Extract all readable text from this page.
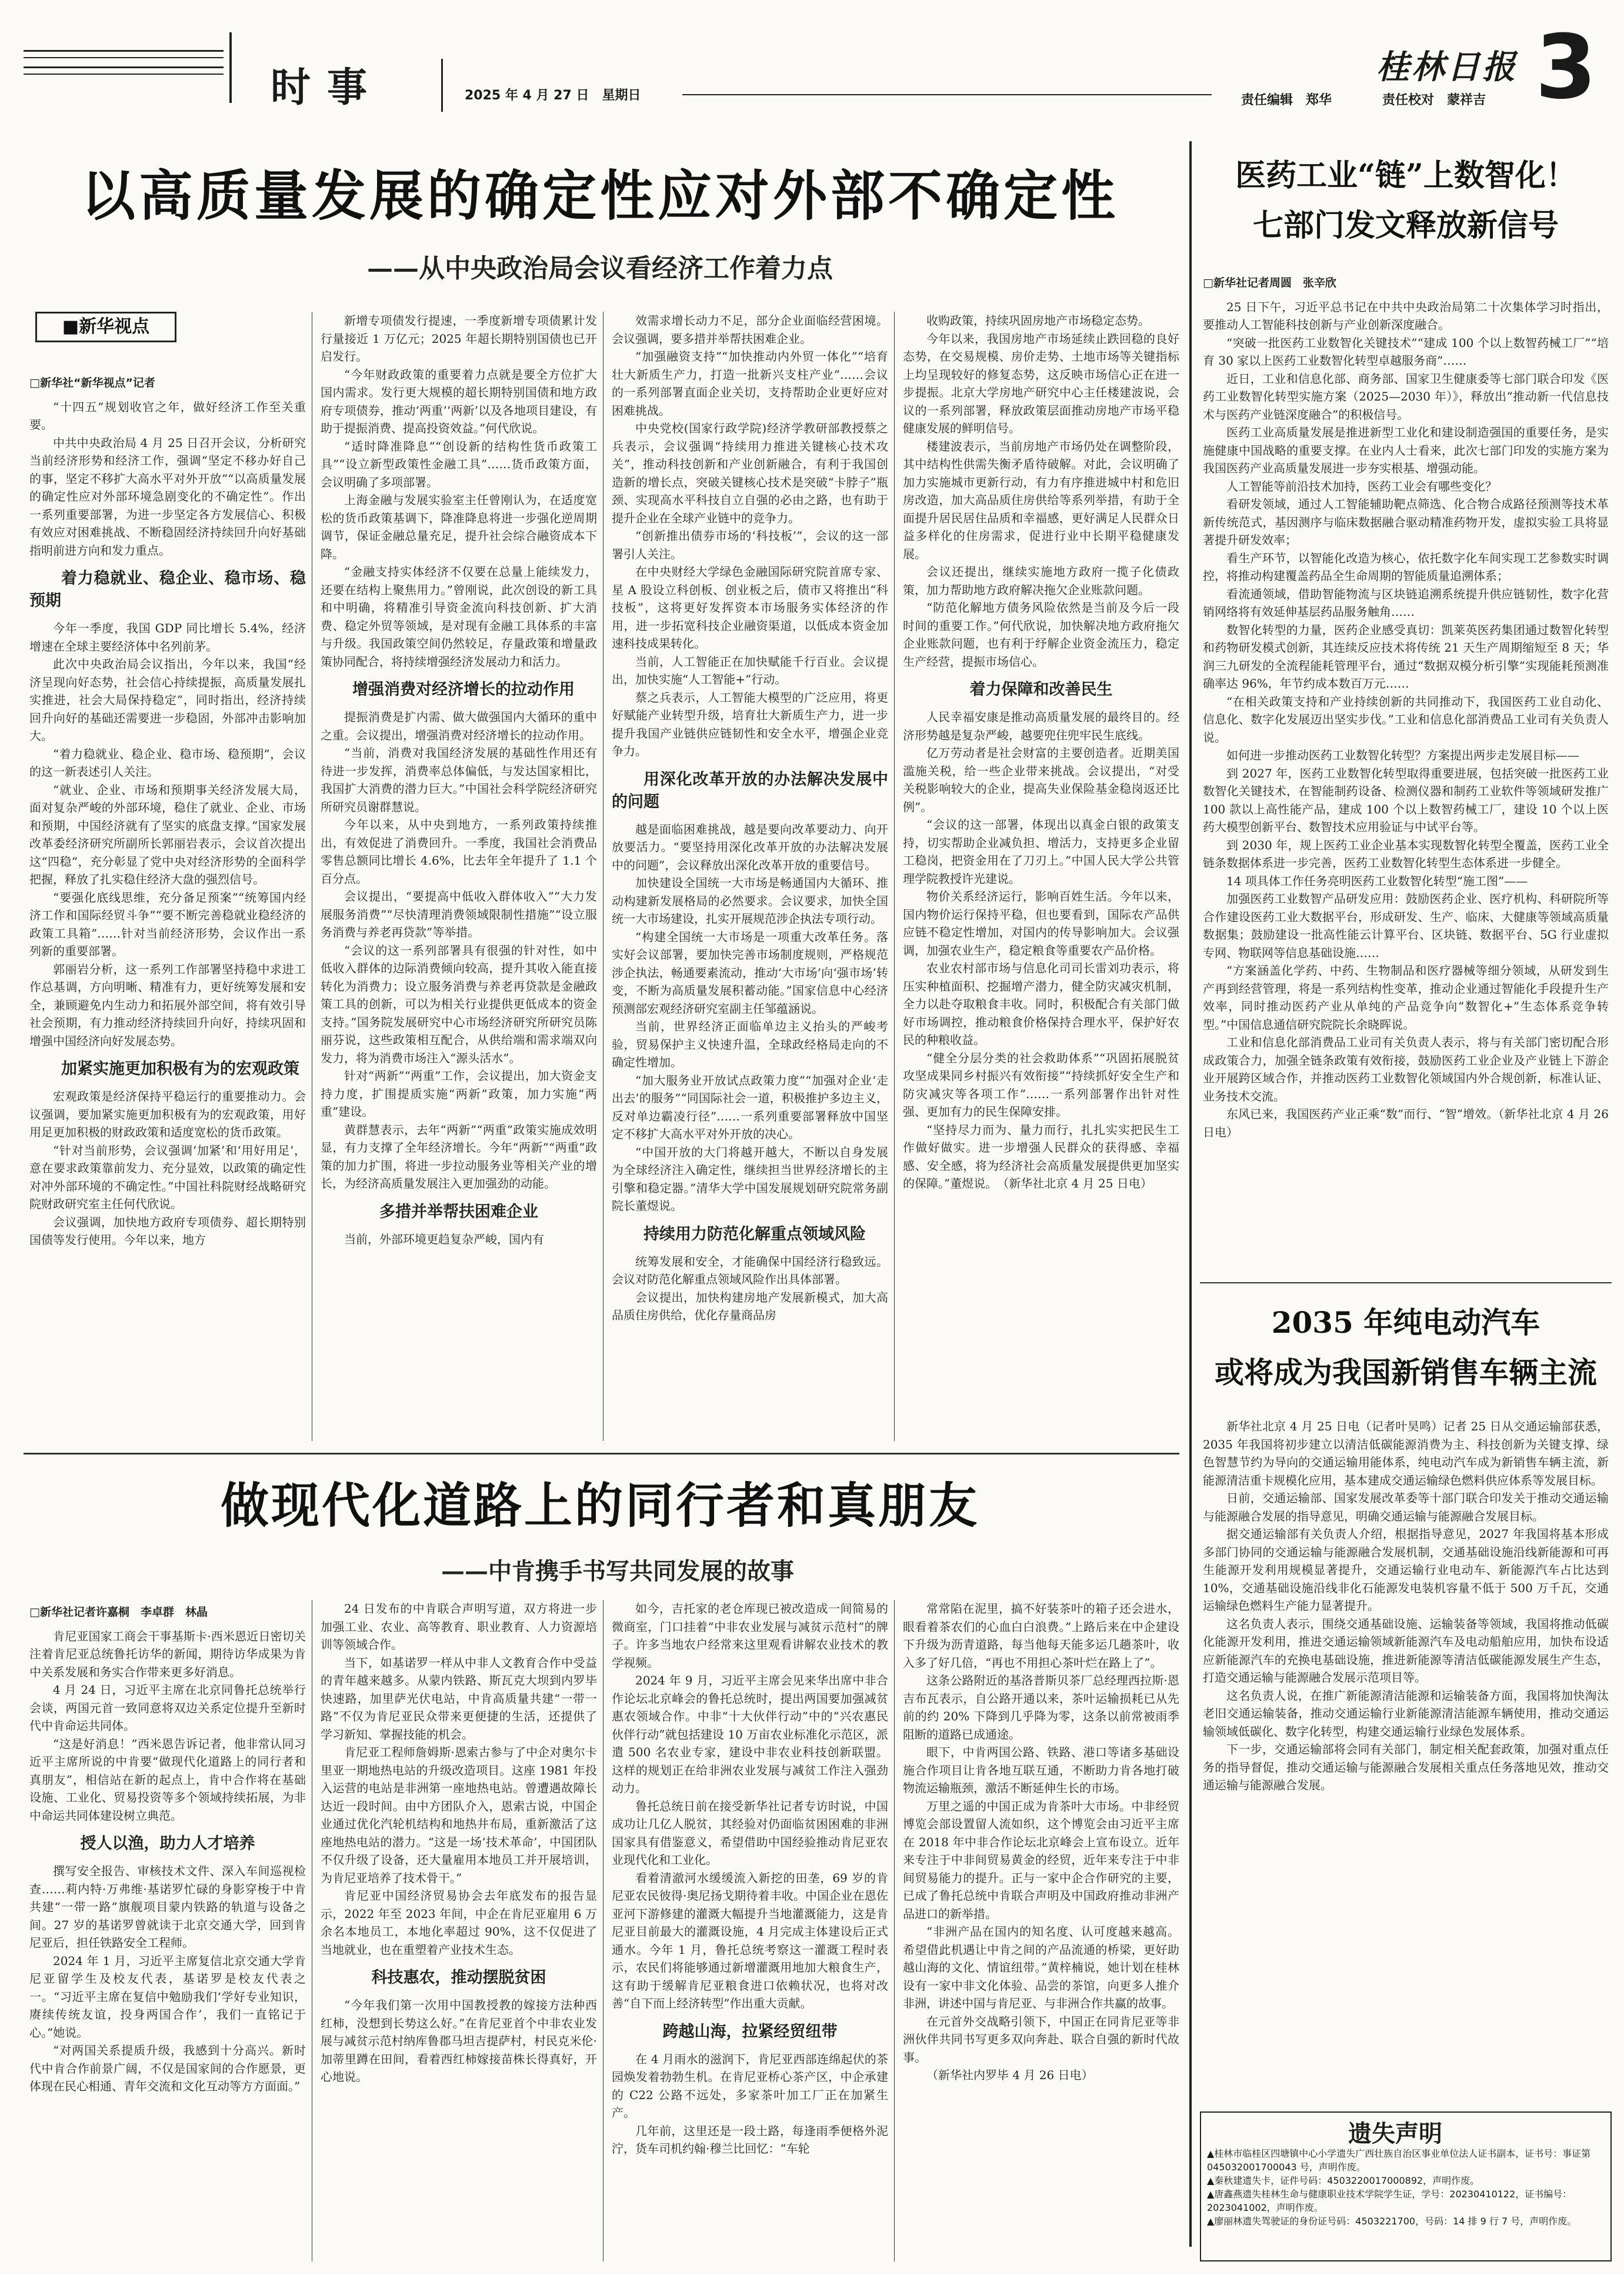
时事	2025 年 4 月 27 日　星期日
桂林日报 3
责任编辑　郑华	责任校对　蒙祥吉
以高质量发展的确定性应对外部不确定性
——从中央政治局会议看经济工作着力点
■新华视点
□新华社“新华视点”记者

“十四五”规划收官之年，做好经济工作至关重要。

中共中央政治局 4 月 25 日召开会议，分析研究当前经济形势和经济工作，强调“坚定不移办好自己的事，坚定不移扩大高水平对外开放”“以高质量发展的确定性应对外部环境急剧变化的不确定性”。作出一系列重要部署，为进一步坚定各方发展信心、积极有效应对困难挑战、不断稳固经济持续回升向好基础指明前进方向和发力重点。

着力稳就业、稳企业、稳市场、稳预期

今年一季度，我国 GDP 同比增长 5.4%，经济增速在全球主要经济体中名列前茅。

此次中央政治局会议指出，今年以来，我国“经济呈现向好态势，社会信心持续提振，高质量发展扎实推进，社会大局保持稳定”，同时指出，经济持续回升向好的基础还需要进一步稳固，外部冲击影响加大。

“着力稳就业、稳企业、稳市场、稳预期”，会议的这一新表述引人关注。

“就业、企业、市场和预期事关经济发展大局，面对复杂严峻的外部环境，稳住了就业、企业、市场和预期，中国经济就有了坚实的底盘支撑。”国家发展改革委经济研究所副所长郭丽岩表示，会议首次提出这“四稳”，充分彰显了党中央对经济形势的全面科学把握，释放了扎实稳住经济大盘的强烈信号。

“要强化底线思维，充分备足预案”“统筹国内经济工作和国际经贸斗争”“要不断完善稳就业稳经济的政策工具箱”……针对当前经济形势，会议作出一系列新的重要部署。

郭丽岩分析，这一系列工作部署坚持稳中求进工作总基调，方向明晰、精准有力，更好统筹发展和安全，兼顾避免内生动力和拓展外部空间，将有效引导社会预期，有力推动经济持续回升向好，持续巩固和增强中国经济向好发展态势。

加紧实施更加积极有为的宏观政策

宏观政策是经济保持平稳运行的重要推动力。会议强调，要加紧实施更加积极有为的宏观政策，用好用足更加积极的财政政策和适度宽松的货币政策。

“针对当前形势，会议强调‘加紧’和‘用好用足’，意在要求政策靠前发力、充分显效，以政策的确定性对冲外部环境的不确定性。”中国社科院财经战略研究院财政研究室主任何代欣说。

会议强调，加快地方政府专项债券、超长期特别国债等发行使用。今年以来，地方

新增专项债发行提速，一季度新增专项债累计发行量接近 1 万亿元；2025 年超长期特别国债也已开启发行。

“今年财政政策的重要着力点就是要全方位扩大国内需求。发行更大规模的超长期特别国债和地方政府专项债券，推动‘两重’‘两新’以及各地项目建设，有助于提振消费、提高投资效益。”何代欣说。

“适时降准降息”“创设新的结构性货币政策工具”“设立新型政策性金融工具”……货币政策方面，会议明确了多项部署。

上海金融与发展实验室主任曾刚认为，在适度宽松的货币政策基调下，降准降息将进一步强化逆周期调节，保证金融总量充足，提升社会综合融资成本下降。

“金融支持实体经济不仅要在总量上能续发力，还要在结构上聚焦用力。”曾刚说，此次创设的新工具和中明确，将精准引导资金流向科技创新、扩大消费、稳定外贸等领域，是对现有金融工具体系的丰富与升级。我国政策空间仍然较足，存量政策和增量政策协同配合，将持续增强经济发展动力和活力。

增强消费对经济增长的拉动作用

提振消费是扩内需、做大做强国内大循环的重中之重。会议提出，增强消费对经济增长的拉动作用。

“当前，消费对我国经济发展的基础性作用还有待进一步发挥，消费率总体偏低，与发达国家相比，我国扩大消费的潜力巨大。”中国社会科学院经济研究所研究员谢群慧说。

今年以来，从中央到地方，一系列政策持续推出，有效促进了消费回升。一季度，我国社会消费品零售总额同比增长 4.6%，比去年全年提升了 1.1 个百分点。

会议提出，“要提高中低收入群体收入”“大力发展服务消费”“尽快清理消费领域限制性措施”“设立服务消费与养老再贷款”等举措。

“会议的这一系列部署具有很强的针对性，如中低收入群体的边际消费倾向较高，提升其收入能直接转化为消费力；设立服务消费与养老再贷款是金融政策工具的创新，可以为相关行业提供更低成本的资金支持。”国务院发展研究中心市场经济研究所研究员陈丽芬说，这些政策相互配合，从供给端和需求端双向发力，将为消费市场注入“源头活水”。

针对“两新”“两重”工作，会议提出，加大资金支持力度，扩围提质实施“两新”政策，加力实施“两重”建设。

黄群慧表示，去年“两新”“两重”政策实施成效明显，有力支撑了全年经济增长。今年“两新”“两重”政策的加力扩围，将进一步拉动服务业等相关产业的增长，为经济高质量发展注入更加强劲的动能。

多措并举帮扶困难企业

当前，外部环境更趋复杂严峻，国内有

效需求增长动力不足，部分企业面临经营困境。会议强调，要多措并举帮扶困难企业。

“加强融资支持”“加快推动内外贸一体化”“培育壮大新质生产力，打造一批新兴支柱产业”……会议的一系列部署直面企业关切，支持帮助企业更好应对困难挑战。

中央党校(国家行政学院)经济学教研部教授蔡之兵表示，会议强调“持续用力推进关键核心技术攻关”，推动科技创新和产业创新融合，有利于我国创造新的增长点，突破关键核心技术是突破“卡脖子”瓶颈、实现高水平科技自立自强的必由之路，也有助于提升企业在全球产业链中的竞争力。

“创新推出债券市场的‘科技板’”，会议的这一部署引人关注。

在中央财经大学绿色金融国际研究院首席专家、星 A 股设立科创板、创业板之后，债市又将推出“科技板”，这将更好发挥资本市场服务实体经济的作用，进一步拓宽科技企业融资渠道，以低成本资金加速科技成果转化。

当前，人工智能正在加快赋能千行百业。会议提出，加快实施“人工智能+”行动。

蔡之兵表示，人工智能大模型的广泛应用，将更好赋能产业转型升级，培育壮大新质生产力，进一步提升我国产业链供应链韧性和安全水平，增强企业竞争力。

用深化改革开放的办法解决发展中的问题

越是面临困难挑战，越是要向改革要动力、向开放要活力。“要坚持用深化改革开放的办法解决发展中的问题”，会议释放出深化改革开放的重要信号。

加快建设全国统一大市场是畅通国内大循环、推动构建新发展格局的必然要求。会议要求，加快全国统一大市场建设，扎实开展规范涉企执法专项行动。

“构建全国统一大市场是一项重大改革任务。落实好会议部署，要加快完善市场制度规则，严格规范涉企执法，畅通要素流动，推动‘大市场’向‘强市场’转变，不断为高质量发展积蓄动能。”国家信息中心经济预测部宏观经济研究室副主任邹蕴涵说。

当前，世界经济正面临单边主义抬头的严峻考验，贸易保护主义快速升温，全球政经格局走向的不确定性增加。

“加大服务业开放试点政策力度”“加强对企业‘走出去’的服务”“同国际社会一道，积极推护多边主义，反对单边霸凌行径”……一系列重要部署释放中国坚定不移扩大高水平对外开放的决心。

“中国开放的大门将越开越大，不断以自身发展为全球经济注入确定性，继续担当世界经济增长的主引擎和稳定器。”清华大学中国发展规划研究院常务副院长董煜说。

持续用力防范化解重点领域风险

统筹发展和安全，才能确保中国经济行稳致远。会议对防范化解重点领域风险作出具体部署。

会议提出，加快构建房地产发展新模式，加大高品质住房供给，优化存量商品房

收购政策，持续巩固房地产市场稳定态势。

今年以来，我国房地产市场延续止跌回稳的良好态势，在交易规模、房价走势、土地市场等关键指标上均呈现较好的修复态势，这反映市场信心正在进一步提振。北京大学房地产研究中心主任楼建波说，会议的一系列部署，释放政策层面推动房地产市场平稳健康发展的鲜明信号。

楼建波表示，当前房地产市场仍处在调整阶段，其中结构性供需失衡矛盾待破解。对此，会议明确了加力实施城市更新行动，有力有序推进城中村和危旧房改造，加大高品质住房供给等系列举措，有助于全面提升居民居住品质和幸福感，更好满足人民群众日益多样化的住房需求，促进行业中长期平稳健康发展。

会议还提出，继续实施地方政府一揽子化债政策，加力帮助地方政府解决拖欠企业账款问题。

“防范化解地方债务风险依然是当前及今后一段时间的重要工作。”何代欣说，加快解决地方政府拖欠企业账款问题，也有利于纾解企业资金流压力，稳定生产经营，提振市场信心。

着力保障和改善民生

人民幸福安康是推动高质量发展的最终目的。经济形势越是复杂严峻，越要兜住兜牢民生底线。

亿万劳动者是社会财富的主要创造者。近期美国滥施关税，给一些企业带来挑战。会议提出，“对受关税影响较大的企业，提高失业保险基金稳岗返还比例”。

“会议的这一部署，体现出以真金白银的政策支持，切实帮助企业减负担、增活力，支持更多企业留工稳岗，把资金用在了刀刃上。”中国人民大学公共管理学院教授许光建说。

物价关系经济运行，影响百姓生活。今年以来，国内物价运行保持平稳，但也要看到，国际农产品供应链不稳定性增加，对国内的传导影响加大。会议强调，加强农业生产，稳定粮食等重要农产品价格。

农业农村部市场与信息化司司长雷刘功表示，将压实种植面积、挖掘增产潜力，健全防灾减灾机制，全力以赴夺取粮食丰收。同时，积极配合有关部门做好市场调控，推动粮食价格保持合理水平，保护好农民的种粮收益。

“健全分层分类的社会救助体系”“巩固拓展脱贫攻坚成果同乡村振兴有效衔接”“持续抓好安全生产和防灾减灾等各项工作”……一系列部署作出针对性强、更加有力的民生保障安排。

“坚持尽力而为、量力而行，扎扎实实把民生工作做好做实。进一步增强人民群众的获得感、幸福感、安全感，将为经济社会高质量发展提供更加坚实的保障。”董煜说。　（新华社北京 4 月 25 日电）

医药工业“链”上数智化！
七部门发文释放新信号
□新华社记者周圆　张辛欣

25 日下午，习近平总书记在中共中央政治局第二十次集体学习时指出，要推动人工智能科技创新与产业创新深度融合。

“突破一批医药工业数智化关键技术”“建成 100 个以上数智药械工厂”“培育 30 家以上医药工业数智化转型卓越服务商”……

近日，工业和信息化部、商务部、国家卫生健康委等七部门联合印发《医药工业数智化转型实施方案（2025—2030 年）》，释放出“推动新一代信息技术与医药产业链深度融合”的积极信号。

医药工业高质量发展是推进新型工业化和建设制造强国的重要任务，是实施健康中国战略的重要支撑。在业内人士看来，此次七部门印发的实施方案为我国医药产业高质量发展进一步夯实根基、增强动能。

人工智能等前沿技术加持，医药工业会有哪些变化？

看研发领域，通过人工智能辅助靶点筛选、化合物合成路径预测等技术革新传统范式，基因测序与临床数据融合驱动精准药物开发，虚拟实验工具将显著提升研发效率；

看生产环节，以智能化改造为核心，依托数字化车间实现工艺参数实时调控，将推动构建覆盖药品全生命周期的智能质量追溯体系；

看流通领域，借助智能物流与区块链追溯系统提升供应链韧性，数字化营销网络将有效延伸基层药品服务触角……

数智化转型的力量，医药企业感受真切：凯莱英医药集团通过数智化转型和药物研发模式创新，其连续反应技术将传统 21 天生产周期缩短至 8 天；华润三九研发的全流程能耗管理平台，通过“数据双模分析引擎”实现能耗预测准确率达 96%，年节约成本数百万元……

“在相关政策支持和产业持续创新的共同推动下，我国医药工业自动化、信息化、数字化发展迈出坚实步伐。”工业和信息化部消费品工业司有关负责人说。

如何进一步推动医药工业数智化转型？方案提出两步走发展目标——

到 2027 年，医药工业数智化转型取得重要进展，包括突破一批医药工业数智化关键技术，在智能制药设备、检测仪器和制药工业软件等领域研发推广 100 款以上高性能产品，建成 100 个以上数智药械工厂，建设 10 个以上医药大模型创新平台、数智技术应用验证与中试平台等。

到 2030 年，规上医药工业企业基本实现数智化转型全覆盖，医药工业全链条数据体系进一步完善，医药工业数智化转型生态体系进一步健全。

14 项具体工作任务亮明医药工业数智化转型“施工图”——

加强医药工业数智产品研发应用：鼓励医药企业、医疗机构、科研院所等合作建设医药工业大数据平台，形成研发、生产、临床、大健康等领域高质量数据集；鼓励建设一批高性能云计算平台、区块链、数据平台、5G 行业虚拟专网、物联网等信息基础设施……

“方案涵盖化学药、中药、生物制品和医疗器械等细分领域，从研发到生产再到经营管理，将是一系列结构性变革，推动企业通过智能化手段提升生产效率，同时推动医药产业从单纯的产品竞争向“数智化+”生态体系竞争转型。”中国信息通信研究院院长余晓晖说。

工业和信息化部消费品工业司有关负责人表示，将与有关部门密切配合形成政策合力，加强全链条政策有效衔接，鼓励医药工业企业及产业链上下游企业开展跨区域合作，并推动医药工业数智化领域国内外合规创新，标准认证、业务技术交流。

东风已来，我国医药产业正乘“数”而行、“智”增效。（新华社北京 4 月 26 日电）

2035 年纯电动汽车
或将成为我国新销售车辆主流

新华社北京 4 月 25 日电（记者叶昊鸣）记者 25 日从交通运输部获悉，2035 年我国将初步建立以清洁低碳能源消费为主、科技创新为关键支撑、绿色智慧节约为导向的交通运输用能体系，纯电动汽车成为新销售车辆主流，新能源清洁重卡规模化应用，基本建成交通运输绿色燃料供应体系等发展目标。

日前，交通运输部、国家发展改革委等十部门联合印发关于推动交通运输与能源融合发展的指导意见，明确交通运输与能源融合发展目标。

据交通运输部有关负责人介绍，根据指导意见，2027 年我国将基本形成多部门协同的交通运输与能源融合发展机制，交通基础设施沿线新能源和可再生能源开发利用规模显著提升，交通运输行业电动车、新能源汽车占比达到 10%，交通基础设施沿线非化石能源发电装机容量不低于 500 万千瓦，交通运输绿色燃料生产能力显著提升。

这名负责人表示，围绕交通基础设施、运输装备等领域，我国将推动低碳化能源开发利用，推进交通运输领域新能源汽车及电动船舶应用，加快布设适应新能源汽车的充换电基础设施，推进新能源等清洁低碳能源发展生产生态，打造交通运输与能源融合发展示范项目等。

这名负责人说，在推广新能源清洁能源和运输装备方面，我国将加快淘汰老旧交通运输装备，推动交通运输行业新能源清洁能源车辆使用，推动交通运输领域低碳化、数字化转型，构建交通运输行业绿色发展体系。

下一步，交通运输部将会同有关部门，制定相关配套政策，加强对重点任务的指导督促，推动交通运输与能源融合发展相关重点任务落地见效，推动交通运输与能源融合发展。

遗失声明
▲桂林市临桂区四塘镇中心小学遗失广西壮族自治区事业单位法人证书副本，证书号：事证第 045032001700043 号，声明作废。
▲秦秋建遗失卡，证件号码：4503220017000892，声明作废。
▲唐鑫燕遗失桂林生命与健康职业技术学院学生证，学号：20230410122，证书编号：2023041002，声明作废。
▲廖丽林遗失驾驶证的身份证号码：4503221700，号码：14 排 9 行 7 号，声明作废。
做现代化道路上的同行者和真朋友
——中肯携手书写共同发展的故事
□新华社记者许嘉桐　李卓群　林晶

肯尼亚国家工商会干事基斯卡·西米恩近日密切关注着肯尼亚总统鲁托访华的新闻，期待访华成果为肯中关系发展和务实合作带来更多好消息。

4 月 24 日，习近平主席在北京同鲁托总统举行会谈，两国元首一致同意将双边关系定位提升至新时代中肯命运共同体。

“这是好消息！”西米恩告诉记者，他非常认同习近平主席所说的中肯要“做现代化道路上的同行者和真朋友”，相信站在新的起点上，肯中合作将在基础设施、工业化、贸易投资等多个领域持续拓展，为非中命运共同体建设树立典范。

授人以渔，助力人才培养

撰写安全报告、审核技术文件、深入车间巡视检查……莉内特·万弗维·基诺罗忙碌的身影穿梭于中肯共建“一带一路”旗舰项目蒙内铁路的轨道与设备之间。27 岁的基诺罗曾就读于北京交通大学，回到肯尼亚后，担任铁路安全工程师。

2024 年 1 月，习近平主席复信北京交通大学肯尼亚留学生及校友代表，基诺罗是校友代表之一。“习近平主席在复信中勉励我们‘学好专业知识，赓续传统友谊，投身两国合作’，我们一直铭记于心。”她说。

“对两国关系提质升级，我感到十分高兴。新时代中肯合作前景广阔，不仅是国家间的合作愿景，更体现在民心相通、青年交流和文化互动等方方面面。”

24 日发布的中肯联合声明写道，双方将进一步加强工业、农业、高等教育、职业教育、人力资源培训等领域合作。

当下，如基诺罗一样从中非人文教育合作中受益的青年越来越多。从蒙内铁路、斯瓦克大坝到内罗毕快速路，加里萨光伏电站，中肯高质量共建“一带一路”不仅为肯尼亚民众带来更便捷的生活，还提供了学习新知、掌握技能的机会。

肯尼亚工程师詹姆斯·恩索古参与了中企对奥尔卡里亚一期地热电站的升级改造项目。这座 1981 年投入运营的电站是非洲第一座地热电站。曾遭遇故障长达近一段时间。由中方团队介入，恩索古说，中国企业通过优化汽轮机结构和地热井布局，重新激活了这座地热电站的潜力。“这是一场‘技术革命’，中国团队不仅升级了设备，还大量雇用本地员工并开展培训，为肯尼亚培养了技术骨干。”

肯尼亚中国经济贸易协会去年底发布的报告显示，2022 年至 2023 年间，中企在肯尼亚雇用 6 万余名本地员工，本地化率超过 90%，这不仅促进了当地就业，也在重塑着产业技术生态。

科技惠农，推动摆脱贫困

“今年我们第一次用中国教授教的嫁接方法种西红柿，没想到长势这么好。”在肯尼亚首个中非农业发展与减贫示范村纳库鲁郡马坦吉提萨村，村民克米伦·加蒂里蹲在田间，看着西红柿嫁接苗株长得真好，开心地说。

如今，吉托家的老仓库现已被改造成一间简易的微商室，门口挂着“中非农业发展与减贫示范村”的牌子。许多当地农户经常来这里观看讲解农业技术的教学视频。

2024 年 9 月，习近平主席会见来华出席中非合作论坛北京峰会的鲁托总统时，提出两国要加强减贫惠农领域合作。中非“十大伙伴行动”中的“兴农惠民伙伴行动”就包括建设 10 万亩农业标准化示范区，派遣 500 名农业专家，建设中非农业科技创新联盟。这样的规划正在给非洲农业发展与减贫工作注入强劲动力。

鲁托总统日前在接受新华社记者专访时说，中国成功让几亿人脱贫，其经验对仍面临贫困困难的非洲国家具有借鉴意义，希望借助中国经验推动肯尼亚农业现代化和工业化。

看着清澈河水缓缓流入新挖的田垄，69 岁的肯尼亚农民彼得·奥尼扬戈期待着丰收。中国企业在恩佐亚河下游修建的灌溉大幅提升当地灌溉能力，这是肯尼亚目前最大的灌溉设施，4 月完成主体建设后正式通水。今年 1 月，鲁托总统考察这一灌溉工程时表示，农民们将能够通过新增灌溉用地加大粮食生产，这有助于缓解肯尼亚粮食进口依赖状况，也将对改善“自下而上经济转型”作出重大贡献。

跨越山海，拉紧经贸纽带

在 4 月雨水的滋润下，肯尼亚西部连绵起伏的茶园焕发着勃勃生机。在肯尼亚桥心茶产区，中企承建的 C22 公路不远处，多家茶叶加工厂正在加紧生产。

几年前，这里还是一段土路，每逢雨季便格外泥泞，货车司机约翰·穆兰比回忆：“车轮

常常陷在泥里，搞不好装茶叶的箱子还会进水，眼看着茶农们的心血白白浪费。”上路后来在中企建设下升级为沥青道路，每当他每天能多运几趟茶叶，收入多了好几倍，“再也不用担心茶叶烂在路上了”。

这条公路附近的基洛普斯贝茶厂总经理西拉斯·恩吉布瓦表示，自公路开通以来，茶叶运输损耗已从先前的约 20% 下降到几乎降为零，这条以前常被雨季阻断的道路已成通途。

眼下，中肯两国公路、铁路、港口等诸多基础设施合作项目让肯各地互联互通，不断助力肯各地打破物流运输瓶颈，激活不断延伸生长的市场。

万里之遥的中国正成为肯茶叶大市场。中非经贸博览会部设置留人流如织，这个博览会由习近平主席在 2018 年中非合作论坛北京峰会上宣布设立。近年来专注于中非间贸易黄金的经贸，近年来专注于中非间贸易能力的提升。正与一家中企合作研究的主要，已成了鲁托总统中肯联合声明及中国政府推动非洲产品进口的新举措。

“非洲产品在国内的知名度、认可度越来越高。希望借此机遇让中肯之间的产品流通的桥梁，更好助越山海的文化、情谊纽带。”黄梓楠说，她计划在桂林设有一家中非文化体验、品尝的茶馆，向更多人推介非洲，讲述中国与肯尼亚、与非洲合作共赢的故事。

在元首外交战略引领下，中国正在同肯尼亚等非洲伙伴共同书写更多双向奔赴、联合自强的新时代故事。

（新华社内罗毕 4 月 26 日电）
